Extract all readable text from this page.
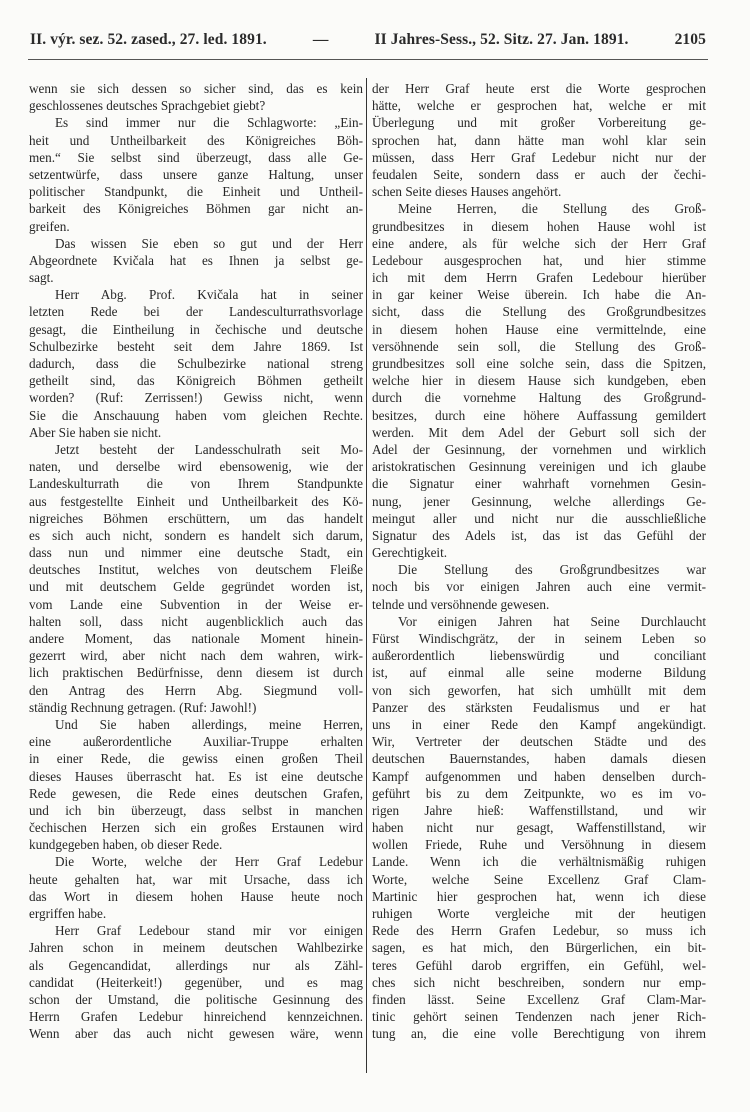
II. výr. sez. 52. zased., 27. led. 1891.	—	II Jahres-Sess., 52. Sitz. 27. Jan. 1891.	2105
wenn sie sich dessen so sicher sind, das es kein
geschlossenes deutsches Sprachgebiet giebt?
Es sind immer nur die Schlagworte: „Ein-
heit und Untheilbarkeit des Königreiches Böh-
men.“ Sie selbst sind überzeugt, dass alle Ge-
setzentwürfe, dass unsere ganze Haltung, unser
politischer Standpunkt, die Einheit und Untheil-
barkeit des Königreiches Böhmen gar nicht an-
greifen.
Das wissen Sie eben so gut und der Herr
Abgeordnete Kvičala hat es Ihnen ja selbst ge-
sagt.
Herr Abg. Prof. Kvičala hat in seiner
letzten Rede bei der Landesculturrathsvorlage
gesagt, die Eintheilung in čechische und deutsche
Schulbezirke besteht seit dem Jahre 1869. Ist
dadurch, dass die Schulbezirke national streng
getheilt sind, das Königreich Böhmen getheilt
worden? (Ruf: Zerrissen!) Gewiss nicht, wenn
Sie die Anschauung haben vom gleichen Rechte.
Aber Sie haben sie nicht.
Jetzt besteht der Landesschulrath seit Mo-
naten, und derselbe wird ebensowenig, wie der
Landeskulturrath die von Ihrem Standpunkte
aus festgestellte Einheit und Untheilbarkeit des Kö-
nigreiches Böhmen erschüttern, um das handelt
es sich auch nicht, sondern es handelt sich darum,
dass nun und nimmer eine deutsche Stadt, ein
deutsches Institut, welches von deutschem Fleiße
und mit deutschem Gelde gegründet worden ist,
vom Lande eine Subvention in der Weise er-
halten soll, dass nicht augenblicklich auch das
andere Moment, das nationale Moment hinein-
gezerrt wird, aber nicht nach dem wahren, wirk-
lich praktischen Bedürfnisse, denn diesem ist durch
den Antrag des Herrn Abg. Siegmund voll-
ständig Rechnung getragen. (Ruf: Jawohl!)
Und Sie haben allerdings, meine Herren,
eine außerordentliche Auxiliar-Truppe erhalten
in einer Rede, die gewiss einen großen Theil
dieses Hauses überrascht hat. Es ist eine deutsche
Rede gewesen, die Rede eines deutschen Grafen,
und ich bin überzeugt, dass selbst in manchen
čechischen Herzen sich ein großes Erstaunen wird
kundgegeben haben, ob dieser Rede.
Die Worte, welche der Herr Graf Ledebur
heute gehalten hat, war mit Ursache, dass ich
das Wort in diesem hohen Hause heute noch
ergriffen habe.
Herr Graf Ledebour stand mir vor einigen
Jahren schon in meinem deutschen Wahlbezirke
als Gegencandidat, allerdings nur als Zähl-
candidat (Heiterkeit!) gegenüber, und es mag
schon der Umstand, die politische Gesinnung des
Herrn Grafen Ledebur hinreichend kennzeichnen.
Wenn aber das auch nicht gewesen wäre, wenn
der Herr Graf heute erst die Worte gesprochen
hätte, welche er gesprochen hat, welche er mit
Überlegung und mit großer Vorbereitung ge-
sprochen hat, dann hätte man wohl klar sein
müssen, dass Herr Graf Ledebur nicht nur der
feudalen Seite, sondern dass er auch der čechi-
schen Seite dieses Hauses angehört.
Meine Herren, die Stellung des Groß-
grundbesitzes in diesem hohen Hause wohl ist
eine andere, als für welche sich der Herr Graf
Ledebour ausgesprochen hat, und hier stimme
ich mit dem Herrn Grafen Ledebour hierüber
in gar keiner Weise überein. Ich habe die An-
sicht, dass die Stellung des Großgrundbesitzes
in diesem hohen Hause eine vermittelnde, eine
versöhnende sein soll, die Stellung des Groß-
grundbesitzes soll eine solche sein, dass die Spitzen,
welche hier in diesem Hause sich kundgeben, eben
durch die vornehme Haltung des Großgrund-
besitzes, durch eine höhere Auffassung gemildert
werden. Mit dem Adel der Geburt soll sich der
Adel der Gesinnung, der vornehmen und wirklich
aristokratischen Gesinnung vereinigen und ich glaube
die Signatur einer wahrhaft vornehmen Gesin-
nung, jener Gesinnung, welche allerdings Ge-
meingut aller und nicht nur die ausschließliche
Signatur des Adels ist, das ist das Gefühl der
Gerechtigkeit.
Die Stellung des Großgrundbesitzes war
noch bis vor einigen Jahren auch eine vermit-
telnde und versöhnende gewesen.
Vor einigen Jahren hat Seine Durchlaucht
Fürst Windischgrätz, der in seinem Leben so
außerordentlich liebenswürdig und conciliant
ist, auf einmal alle seine moderne Bildung
von sich geworfen, hat sich umhüllt mit dem
Panzer des stärksten Feudalismus und er hat
uns in einer Rede den Kampf angekündigt.
Wir, Vertreter der deutschen Städte und des
deutschen Bauernstandes, haben damals diesen
Kampf aufgenommen und haben denselben durch-
geführt bis zu dem Zeitpunkte, wo es im vo-
rigen Jahre hieß: Waffenstillstand, und wir
haben nicht nur gesagt, Waffenstillstand, wir
wollen Friede, Ruhe und Versöhnung in diesem
Lande. Wenn ich die verhältnismäßig ruhigen
Worte, welche Seine Excellenz Graf Clam-
Martinic hier gesprochen hat, wenn ich diese
ruhigen Worte vergleiche mit der heutigen
Rede des Herrn Grafen Ledebur, so muss ich
sagen, es hat mich, den Bürgerlichen, ein bit-
teres Gefühl darob ergriffen, ein Gefühl, wel-
ches sich nicht beschreiben, sondern nur emp-
finden lässt. Seine Excellenz Graf Clam-Mar-
tinic gehört seinen Tendenzen nach jener Rich-
tung an, die eine volle Berechtigung von ihrem
